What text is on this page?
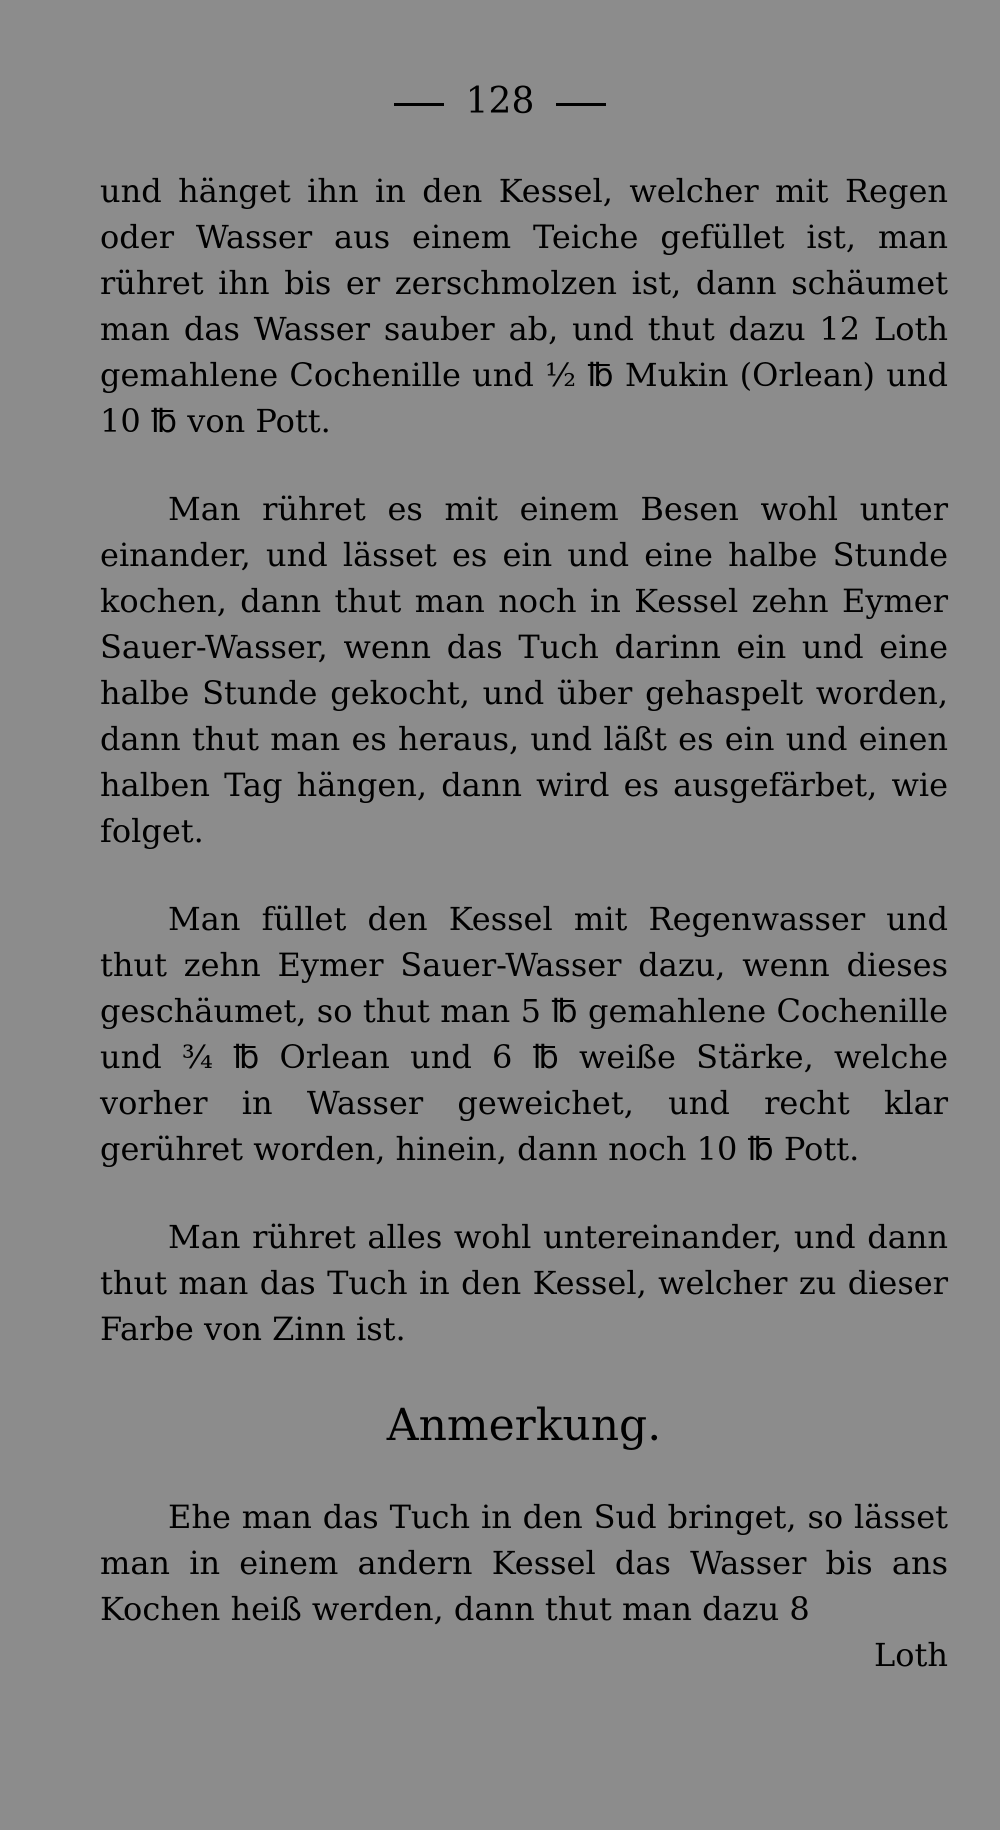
128

und hänget ihn in den Kessel, welcher mit Regen oder Wasser aus einem Teiche gefüllet ist, man rühret ihn bis er zerschmolzen ist, dann schäumet man das Wasser sauber ab, und thut dazu 12 Loth gemahlene Cochenille und ½ ℔ Mukin (Orlean) und 10 ℔ von Pott.

Man rühret es mit einem Besen wohl unter einander, und lässet es ein und eine halbe Stunde kochen, dann thut man noch in Kessel zehn Eymer Sauer-Wasser, wenn das Tuch darinn ein und eine halbe Stunde gekocht, und über gehaspelt worden, dann thut man es heraus, und läßt es ein und einen halben Tag hängen, dann wird es ausgefärbet, wie folget.

Man füllet den Kessel mit Regenwasser und thut zehn Eymer Sauer-Wasser dazu, wenn dieses geschäumet, so thut man 5 ℔ gemahlene Cochenille und ¾ ℔ Orlean und 6 ℔ weiße Stärke, welche vorher in Wasser geweichet, und recht klar gerühret worden, hinein, dann noch 10 ℔ Pott.

Man rühret alles wohl untereinander, und dann thut man das Tuch in den Kessel, welcher zu dieser Farbe von Zinn ist.

Anmerkung.

Ehe man das Tuch in den Sud bringet, so lässet man in einem andern Kessel das Wasser bis ans Kochen heiß werden, dann thut man dazu 8

Loth
